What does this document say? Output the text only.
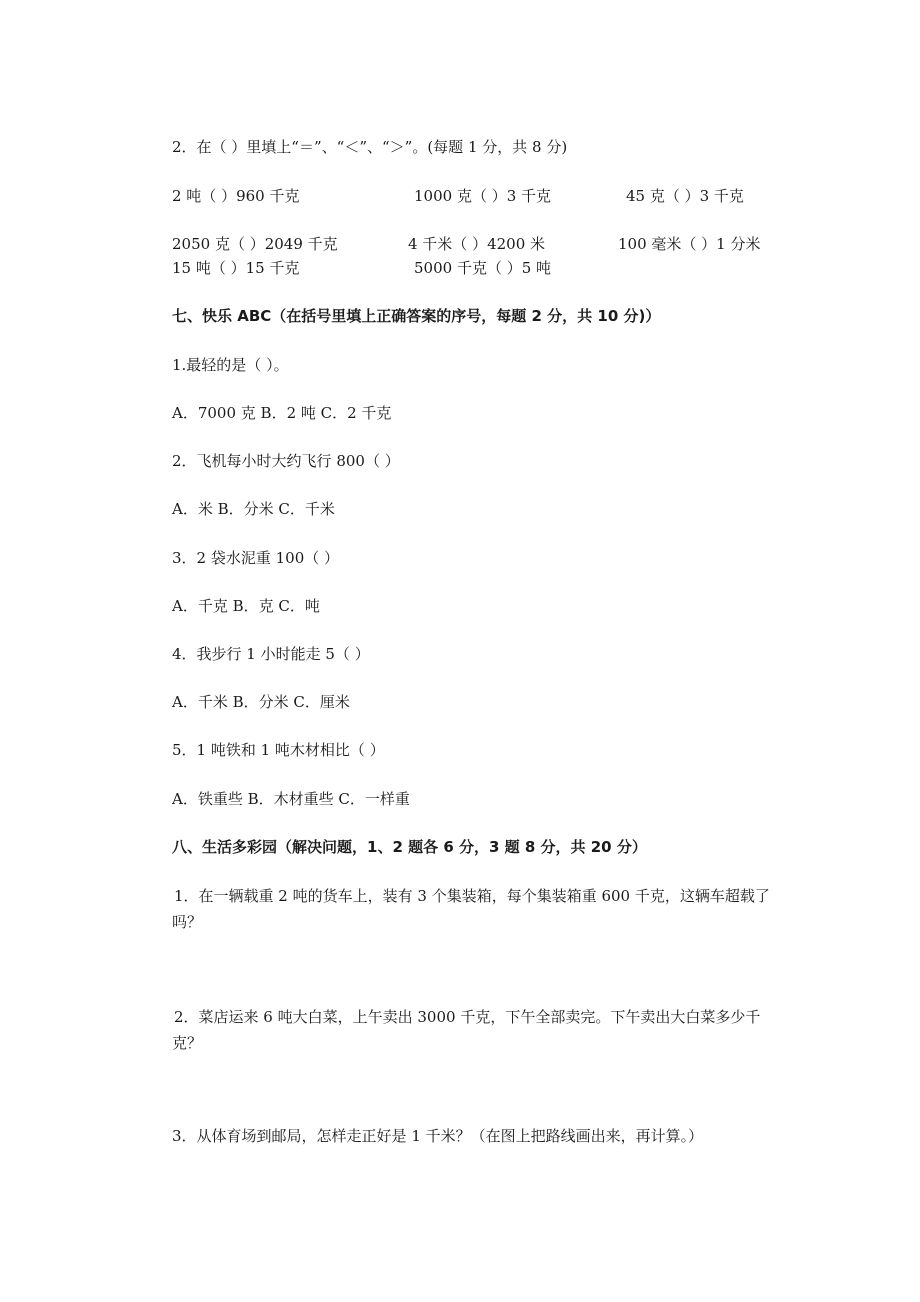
2．在（ ）里填上“＝”、“＜”、“＞”。(每题 1 分，共 8 分)
2 吨（ ）960 千克	1000 克（ ）3 千克	45 克（ ）3 千克
2050 克（ ）2049 千克	4 千米（ ）4200 米	100 毫米（ ）1 分米
15 吨（ ）15 千克	5000 千克（ ）5 吨
七、快乐 ABC（在括号里填上正确答案的序号，每题 2 分，共 10 分)）
1.最轻的是（ ）。
A．7000 克 B．2 吨 C．2 千克
2．飞机每小时大约飞行 800（ ）
A．米 B．分米 C．千米
3．2 袋水泥重 100（ ）
A．千克 B．克 C．吨
4．我步行 1 小时能走 5（ ）
A．千米 B．分米 C．厘米
5．1 吨铁和 1 吨木材相比（ ）
A．铁重些 B．木材重些 C．一样重
八、生活多彩园（解决问题，1、2 题各 6 分，3 题 8 分，共 20 分）
1．在一辆载重 2 吨的货车上，装有 3 个集装箱，每个集装箱重 600 千克，这辆车超载了吗？
2．菜店运来 6 吨大白菜，上午卖出 3000 千克，下午全部卖完。下午卖出大白菜多少千克？
3．从体育场到邮局，怎样走正好是 1 千米？（在图上把路线画出来，再计算。）
